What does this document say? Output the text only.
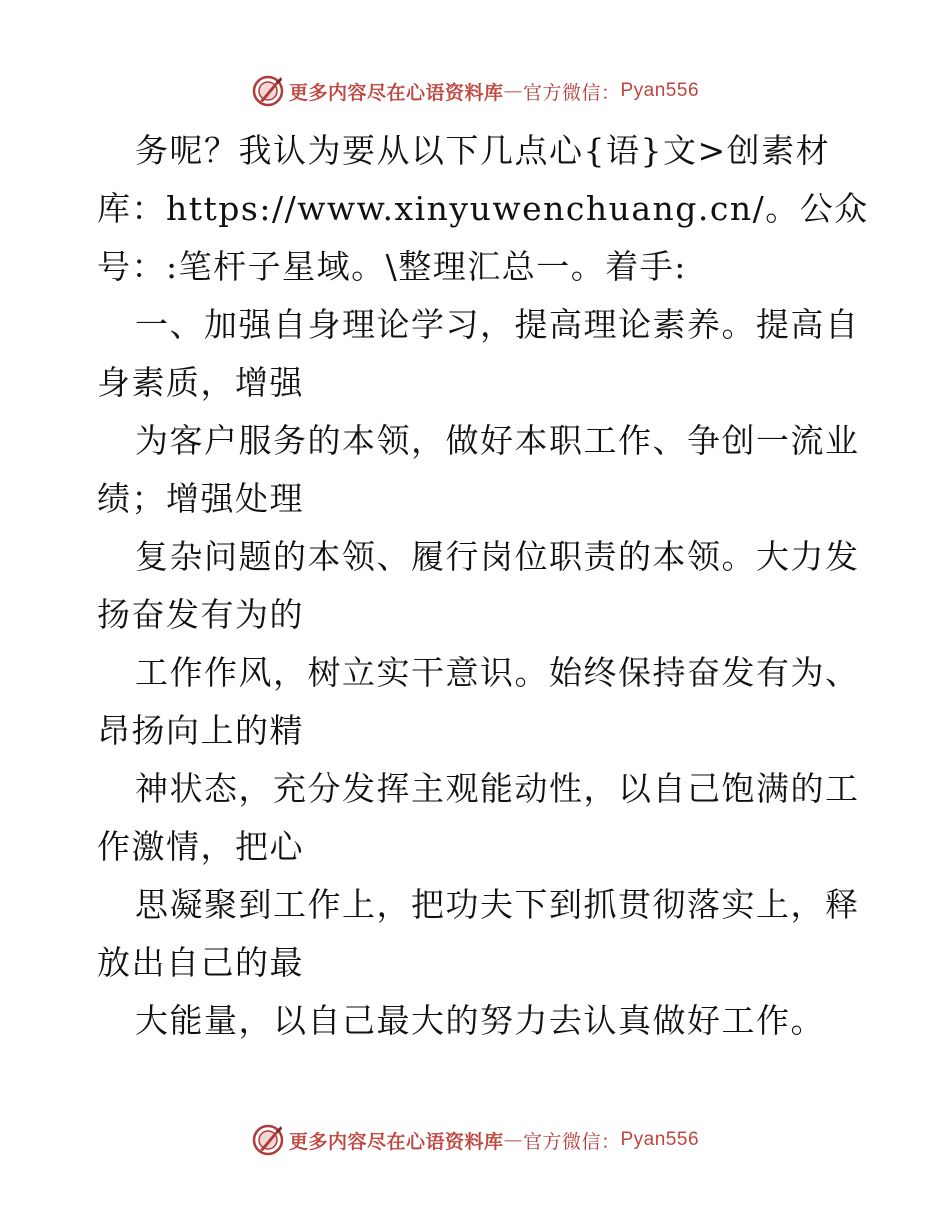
更多内容尽在心语资料库 — 官方微信： Pyan556
务呢？我认为要从以下几点心{语}文>创素材
库：https://www.xinyuwenchuang.cn/。公众
号：:笔杆子星域。\整理汇总一。着手:
一、加强自身理论学习，提高理论素养。提高自
身素质，增强
为客户服务的本领，做好本职工作、争创一流业
绩；增强处理
复杂问题的本领、履行岗位职责的本领。大力发
扬奋发有为的
工作作风，树立实干意识。始终保持奋发有为、
昂扬向上的精
神状态，充分发挥主观能动性，以自己饱满的工
作激情，把心
思凝聚到工作上，把功夫下到抓贯彻落实上，释
放出自己的最
大能量，以自己最大的努力去认真做好工作。
更多内容尽在心语资料库 — 官方微信： Pyan556
